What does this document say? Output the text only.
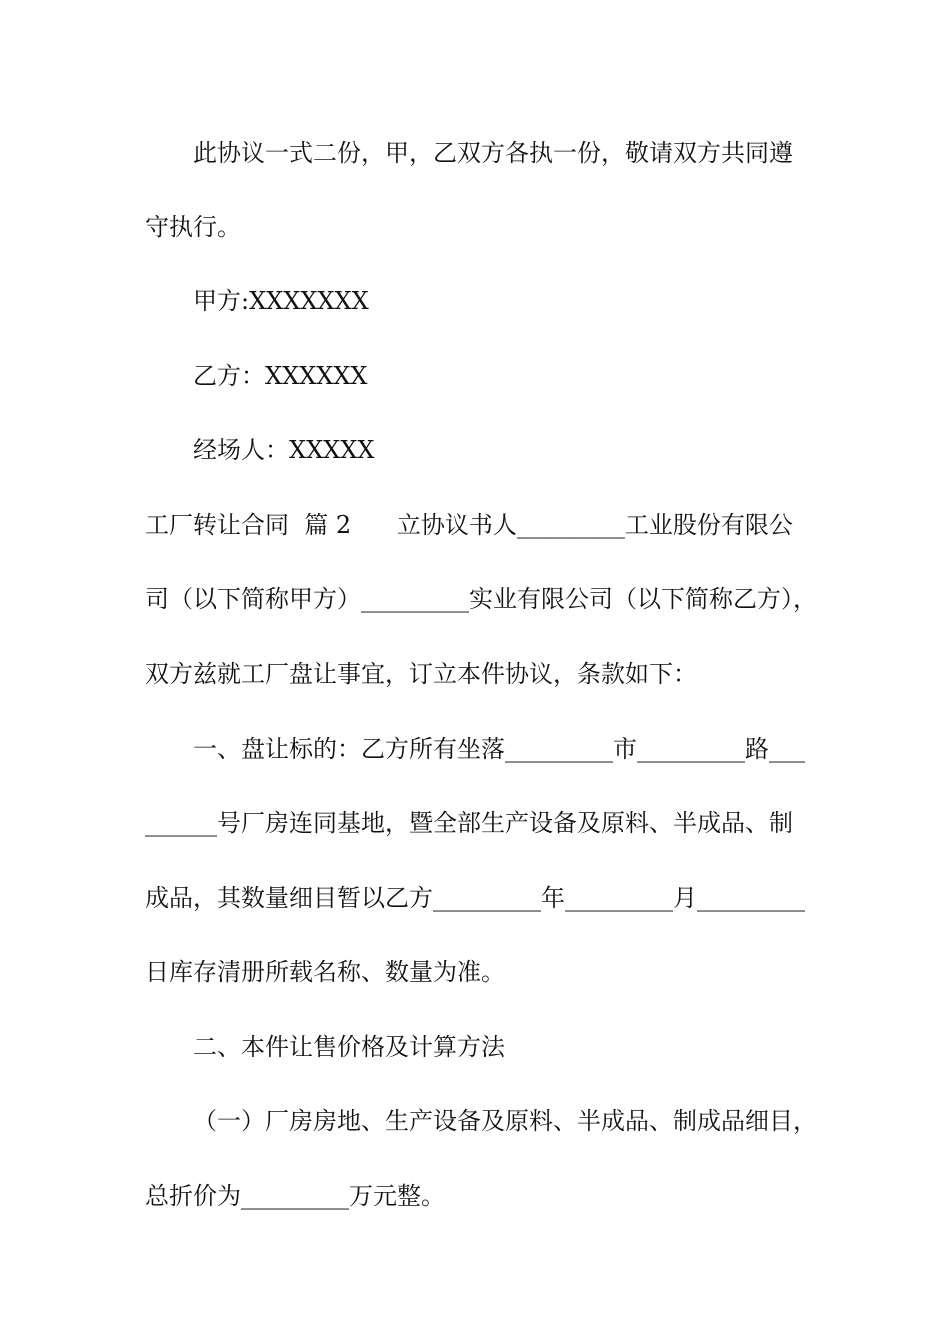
此协议一式二份，甲，乙双方各执一份，敬请双方共同遵
守执行。
甲方:XXXXXXX
乙方：XXXXXX
经场人：XXXXX
工厂转让合同  篇 2      立协议书人_________工业股份有限公
司（以下简称甲方）_________实业有限公司（以下简称乙方），
双方兹就工厂盘让事宜，订立本件协议，条款如下：
一、盘让标的：乙方所有坐落_________市_________路___
______号厂房连同基地，暨全部生产设备及原料、半成品、制
成品，其数量细目暂以乙方_________年_________月_________
日库存清册所载名称、数量为准。
二、本件让售价格及计算方法
（一）厂房房地、生产设备及原料、半成品、制成品细目，
总折价为_________万元整。
